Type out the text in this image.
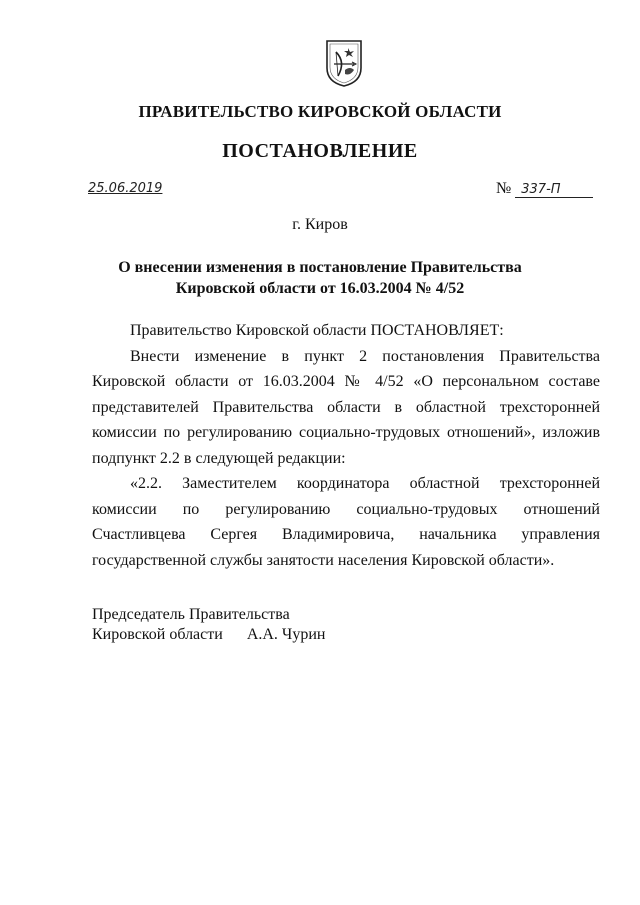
ПРАВИТЕЛЬСТВО КИРОВСКОЙ ОБЛАСТИ
ПОСТАНОВЛЕНИЕ
25.06.2019	№ 337-П
г. Киров
О внесении изменения в постановление Правительства
Кировской области от 16.03.2004 № 4/52

Правительство Кировской области ПОСТАНОВЛЯЕТ:

Внести изменение в пункт 2 постановления Правительства Кировской области от 16.03.2004 № 4/52 «О персональном составе представителей Правительства области в областной трехсторонней комиссии по регулированию социально-трудовых отношений», изложив подпункт 2.2 в следующей редакции:

«2.2. Заместителем координатора областной трехсторонней комиссии по регулированию социально-трудовых отношений Счастливцева Сергея Владимировича, начальника управления государственной службы занятости населения Кировской области».

Председатель Правительства
Кировской области А.А. Чурин
